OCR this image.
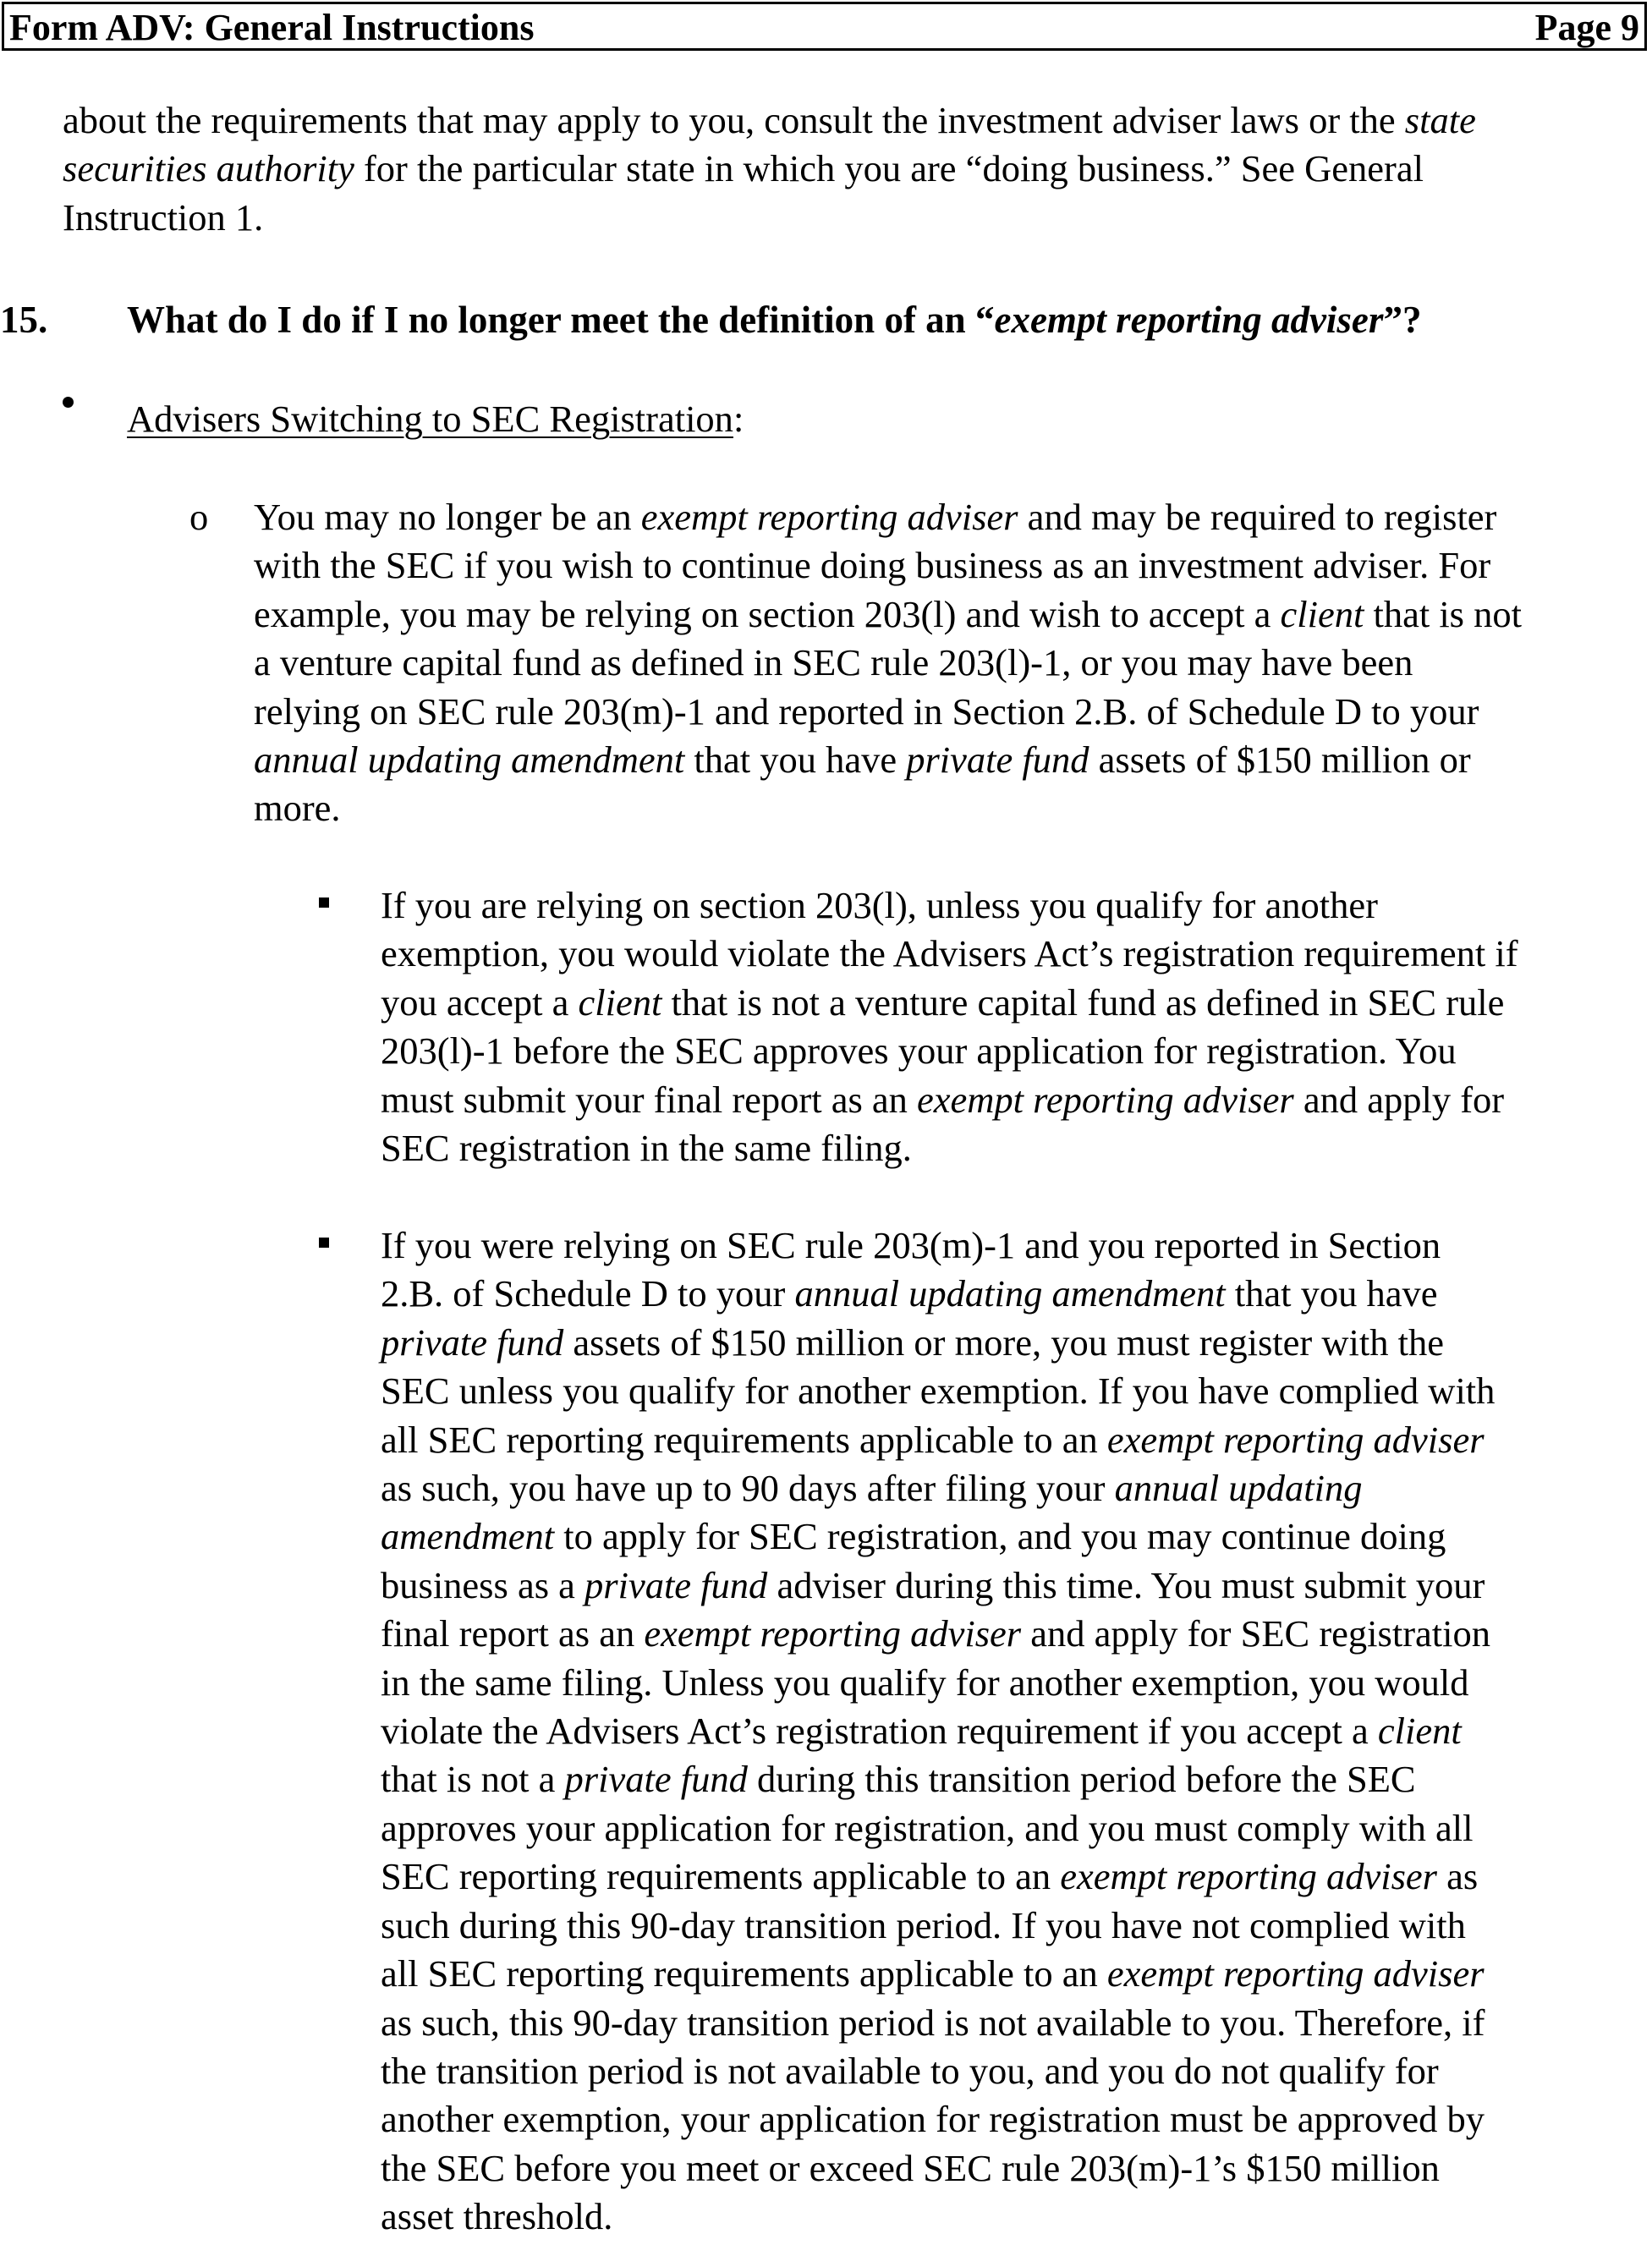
Form ADV: General Instructions	Page 9
about the requirements that may apply to you, consult the investment adviser laws or the state
securities authority for the particular state in which you are “doing business.” See General
Instruction 1.
15. What do I do if I no longer meet the definition of an “exempt reporting adviser”?
Advisers Switching to SEC Registration:
o You may no longer be an exempt reporting adviser and may be required to register
with the SEC if you wish to continue doing business as an investment adviser. For
example, you may be relying on section 203(l) and wish to accept a client that is not
a venture capital fund as defined in SEC rule 203(l)-1, or you may have been
relying on SEC rule 203(m)-1 and reported in Section 2.B. of Schedule D to your
annual updating amendment that you have private fund assets of $150 million or
more.
If you are relying on section 203(l), unless you qualify for another
exemption, you would violate the Advisers Act’s registration requirement if
you accept a client that is not a venture capital fund as defined in SEC rule
203(l)-1 before the SEC approves your application for registration. You
must submit your final report as an exempt reporting adviser and apply for
SEC registration in the same filing.
If you were relying on SEC rule 203(m)-1 and you reported in Section
2.B. of Schedule D to your annual updating amendment that you have
private fund assets of $150 million or more, you must register with the
SEC unless you qualify for another exemption. If you have complied with
all SEC reporting requirements applicable to an exempt reporting adviser
as such, you have up to 90 days after filing your annual updating
amendment to apply for SEC registration, and you may continue doing
business as a private fund adviser during this time. You must submit your
final report as an exempt reporting adviser and apply for SEC registration
in the same filing. Unless you qualify for another exemption, you would
violate the Advisers Act’s registration requirement if you accept a client
that is not a private fund during this transition period before the SEC
approves your application for registration, and you must comply with all
SEC reporting requirements applicable to an exempt reporting adviser as
such during this 90-day transition period. If you have not complied with
all SEC reporting requirements applicable to an exempt reporting adviser
as such, this 90-day transition period is not available to you. Therefore, if
the transition period is not available to you, and you do not qualify for
another exemption, your application for registration must be approved by
the SEC before you meet or exceed SEC rule 203(m)-1’s $150 million
asset threshold.
